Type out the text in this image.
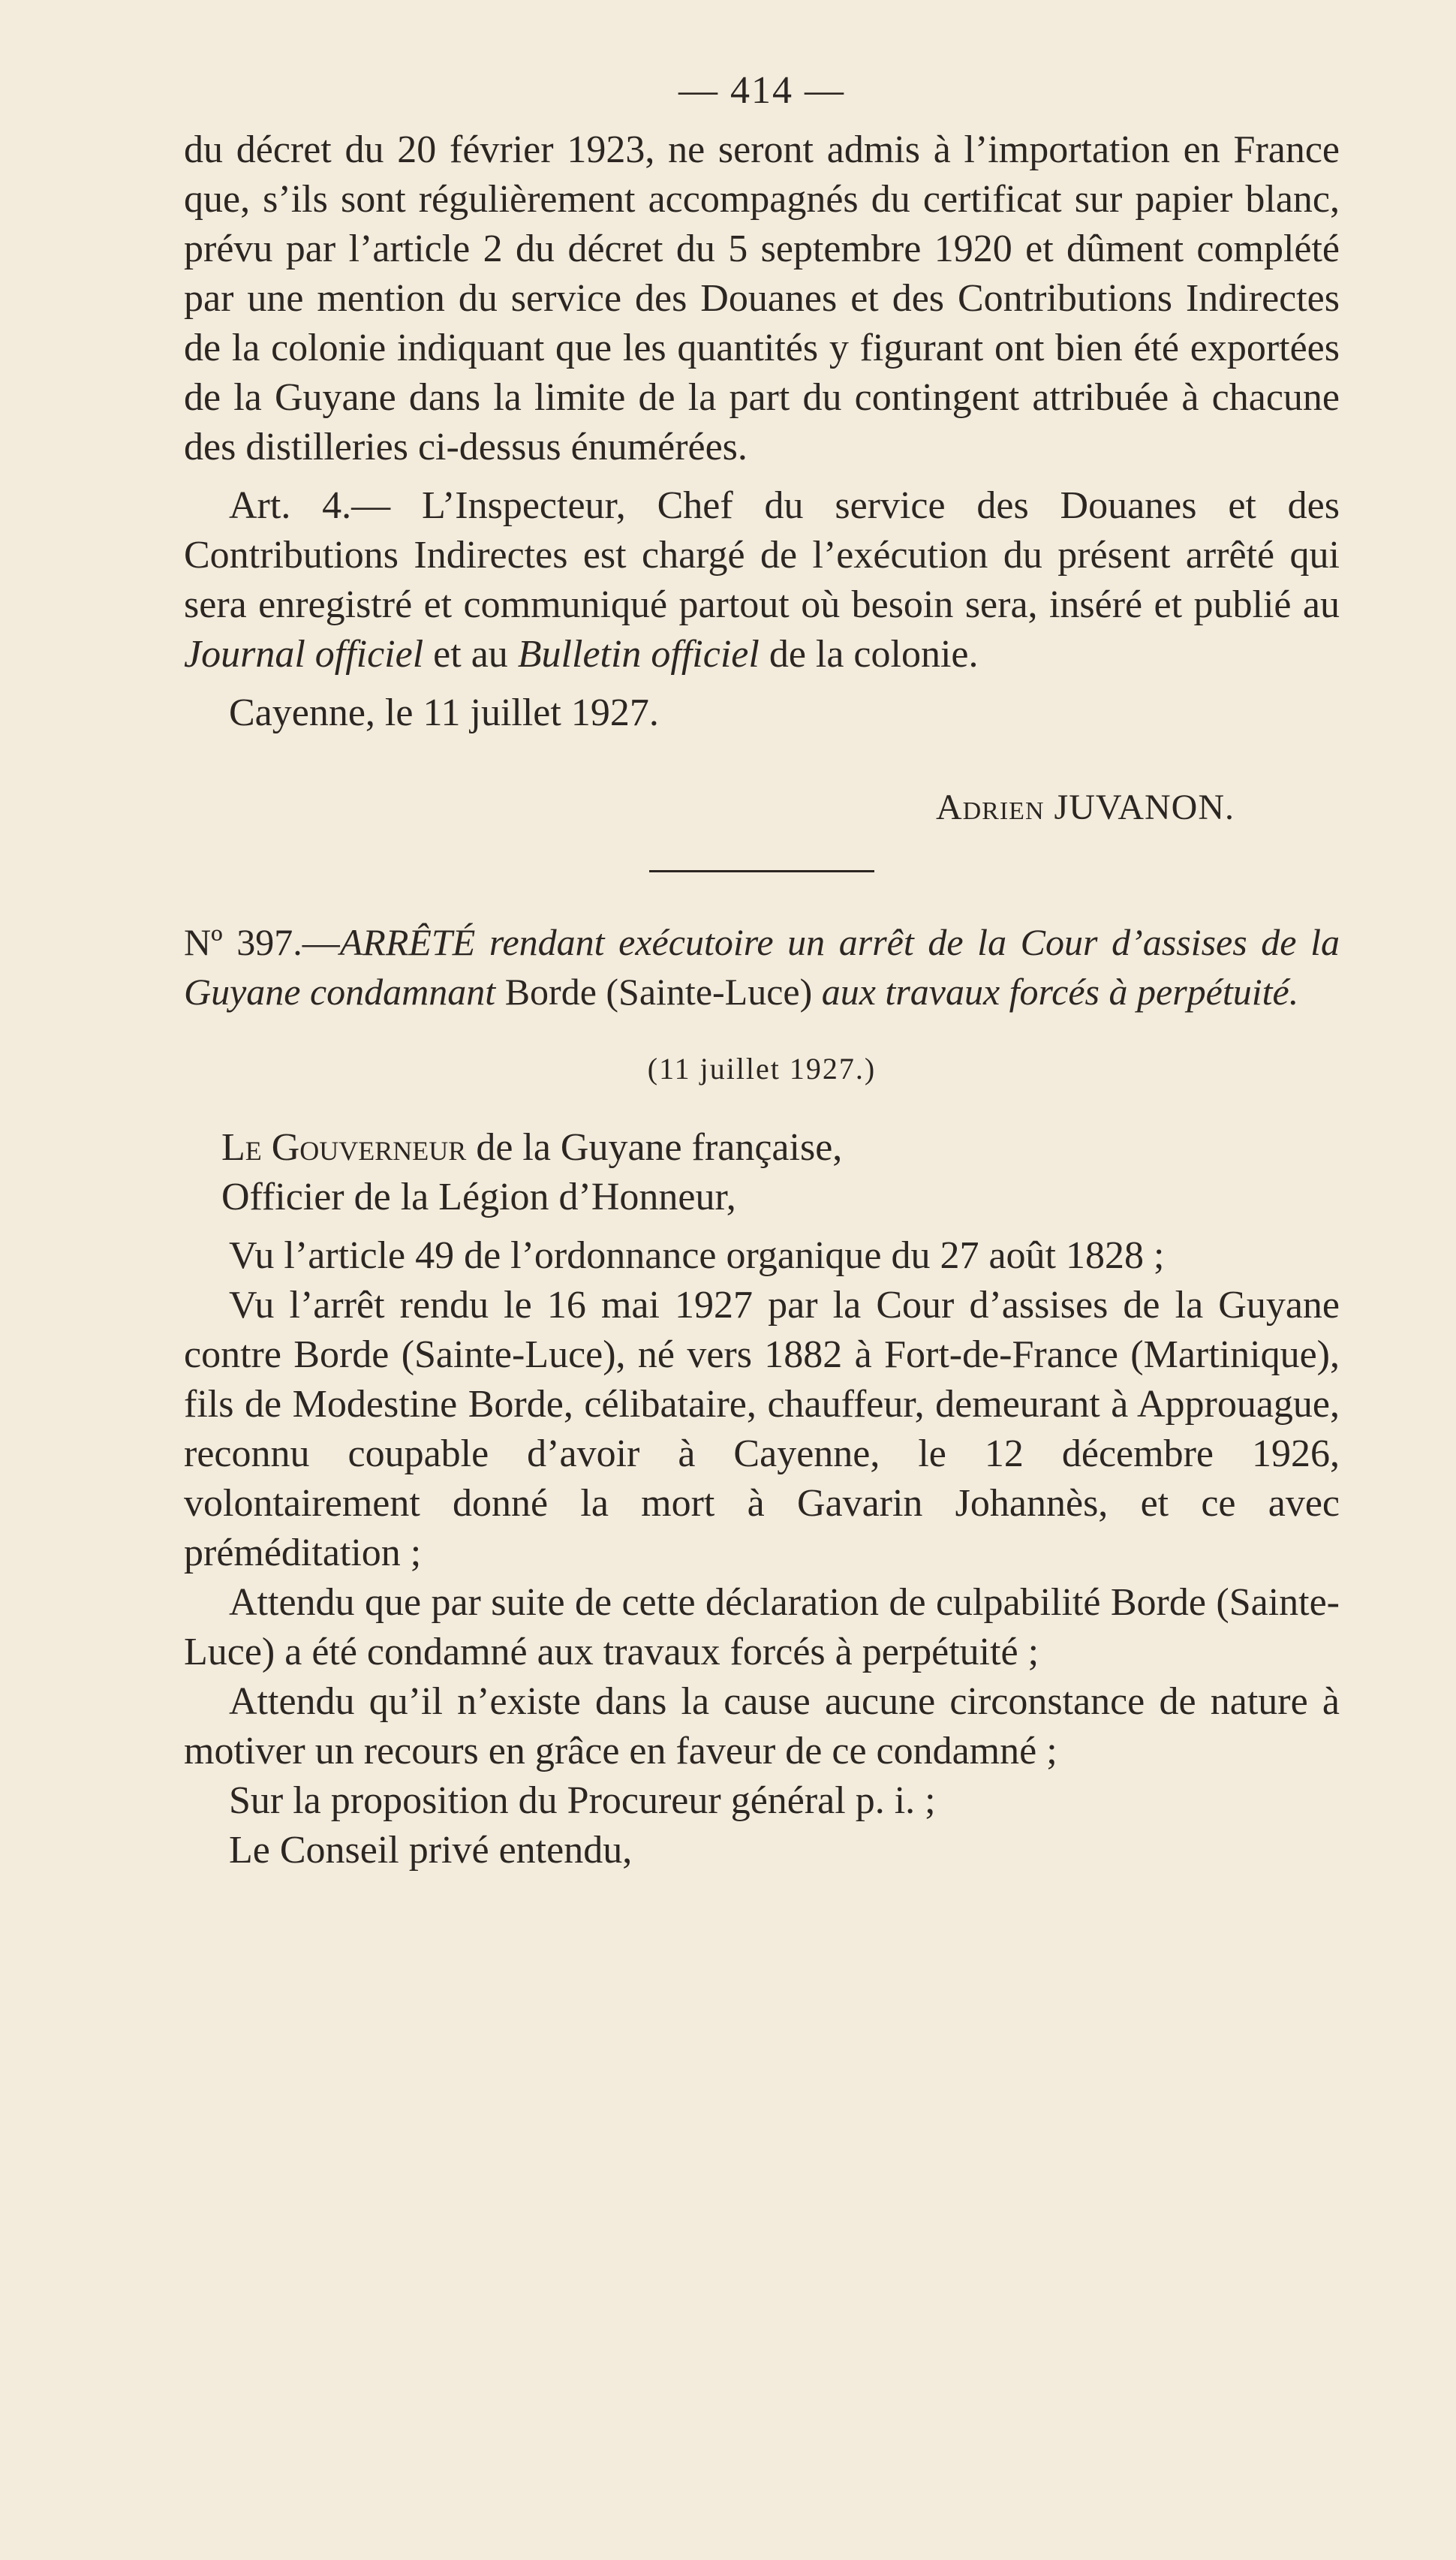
— 414 —

du décret du 20 février 1923, ne seront admis à l’importation en France que, s’ils sont régulièrement accompagnés du certificat sur papier blanc, prévu par l’article 2 du décret du 5 septembre 1920 et dûment complété par une mention du service des Douanes et des Contributions Indirectes de la colonie indiquant que les quantités y figurant ont bien été exportées de la Guyane dans la limite de la part du contingent attribuée à chacune des distilleries ci-dessus énumérées.

Art. 4.— L’Inspecteur, Chef du service des Douanes et des Contributions Indirectes est chargé de l’exécution du présent arrêté qui sera enregistré et communiqué partout où besoin sera, inséré et publié au Journal officiel et au Bulletin officiel de la colonie.

Cayenne, le 11 juillet 1927.

Adrien JUVANON.

Nº 397.—ARRÊTÉ rendant exécutoire un arrêt de la Cour d’assises de la Guyane condamnant Borde (Sainte-Luce) aux travaux forcés à perpétuité.

(11 juillet 1927.)

Le Gouverneur de la Guyane française,

Officier de la Légion d’Honneur,

Vu l’article 49 de l’ordonnance organique du 27 août 1828 ;

Vu l’arrêt rendu le 16 mai 1927 par la Cour d’assises de la Guyane contre Borde (Sainte-Luce), né vers 1882 à Fort-de-France (Martinique), fils de Modestine Borde, célibataire, chauffeur, demeurant à Approuague, reconnu coupable d’avoir à Cayenne, le 12 décembre 1926, volontairement donné la mort à Gavarin Johannès, et ce avec préméditation ;

Attendu que par suite de cette déclaration de culpabilité Borde (Sainte-Luce) a été condamné aux travaux forcés à perpétuité ;

Attendu qu’il n’existe dans la cause aucune circonstance de nature à motiver un recours en grâce en faveur de ce condamné ;

Sur la proposition du Procureur général p. i. ;

Le Conseil privé entendu,
